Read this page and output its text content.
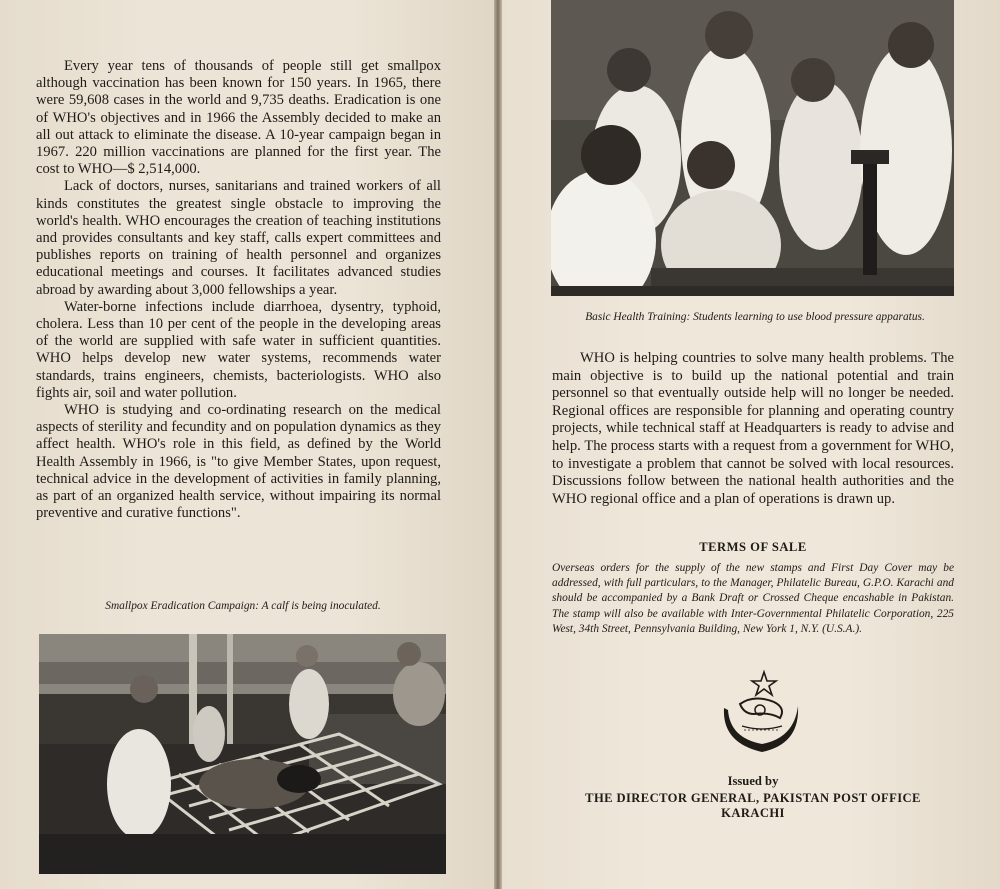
Every year tens of thousands of people still get smallpox although vaccination has been known for 150 years. In 1965, there were 59,608 cases in the world and 9,735 deaths. Eradication is one of WHO's objectives and in 1966 the Assembly decided to make an all out attack to eliminate the disease. A 10-year campaign began in 1967. 220 million vaccinations are planned for the first year. The cost to WHO—$ 2,514,000.

Lack of doctors, nurses, sanitarians and trained workers of all kinds constitutes the greatest single obstacle to improving the world's health. WHO encourages the creation of teaching institutions and provides consultants and key staff, calls expert committees and publishes reports on training of health personnel and organizes educational meetings and courses. It facilitates advanced studies abroad by awarding about 3,000 fellowships a year.

Water-borne infections include diarrhoea, dysentry, typhoid, cholera. Less than 10 per cent of the people in the developing areas of the world are supplied with safe water in sufficient quantities. WHO helps develop new water systems, recommends water standards, trains engineers, chemists, bacteriologists. WHO also fights air, soil and water pollution.

WHO is studying and co-ordinating research on the medical aspects of sterility and fecundity and on population dynamics as they affect health. WHO's role in this field, as defined by the World Health Assembly in 1966, is "to give Member States, upon request, technical advice in the development of activities in family planning, as part of an organized health service, without impairing its normal preventive and curative functions".

Smallpox Eradication Campaign: A calf is being inoculated.

Basic Health Training: Students learning to use blood pressure apparatus.

WHO is helping countries to solve many health problems. The main objective is to build up the national potential and train personnel so that eventually outside help will no longer be needed. Regional offices are responsible for planning and operating country projects, while technical staff at Headquarters is ready to advise and help. The process starts with a request from a government for WHO, to investigate a problem that cannot be solved with local resources. Discussions follow between the national health authorities and the WHO regional office and a plan of operations is drawn up.

TERMS OF SALE

Overseas orders for the supply of the new stamps and First Day Cover may be addressed, with full particulars, to the Manager, Philatelic Bureau, G.P.O. Karachi and should be accompanied by a Bank Draft or Crossed Cheque encashable in Pakistan. The stamp will also be available with Inter-Governmental Philatelic Corporation, 225 West, 34th Street, Pennsylvania Building, New York 1, N.Y. (U.S.A.).

Issued by

THE DIRECTOR GENERAL, PAKISTAN POST OFFICE

KARACHI
